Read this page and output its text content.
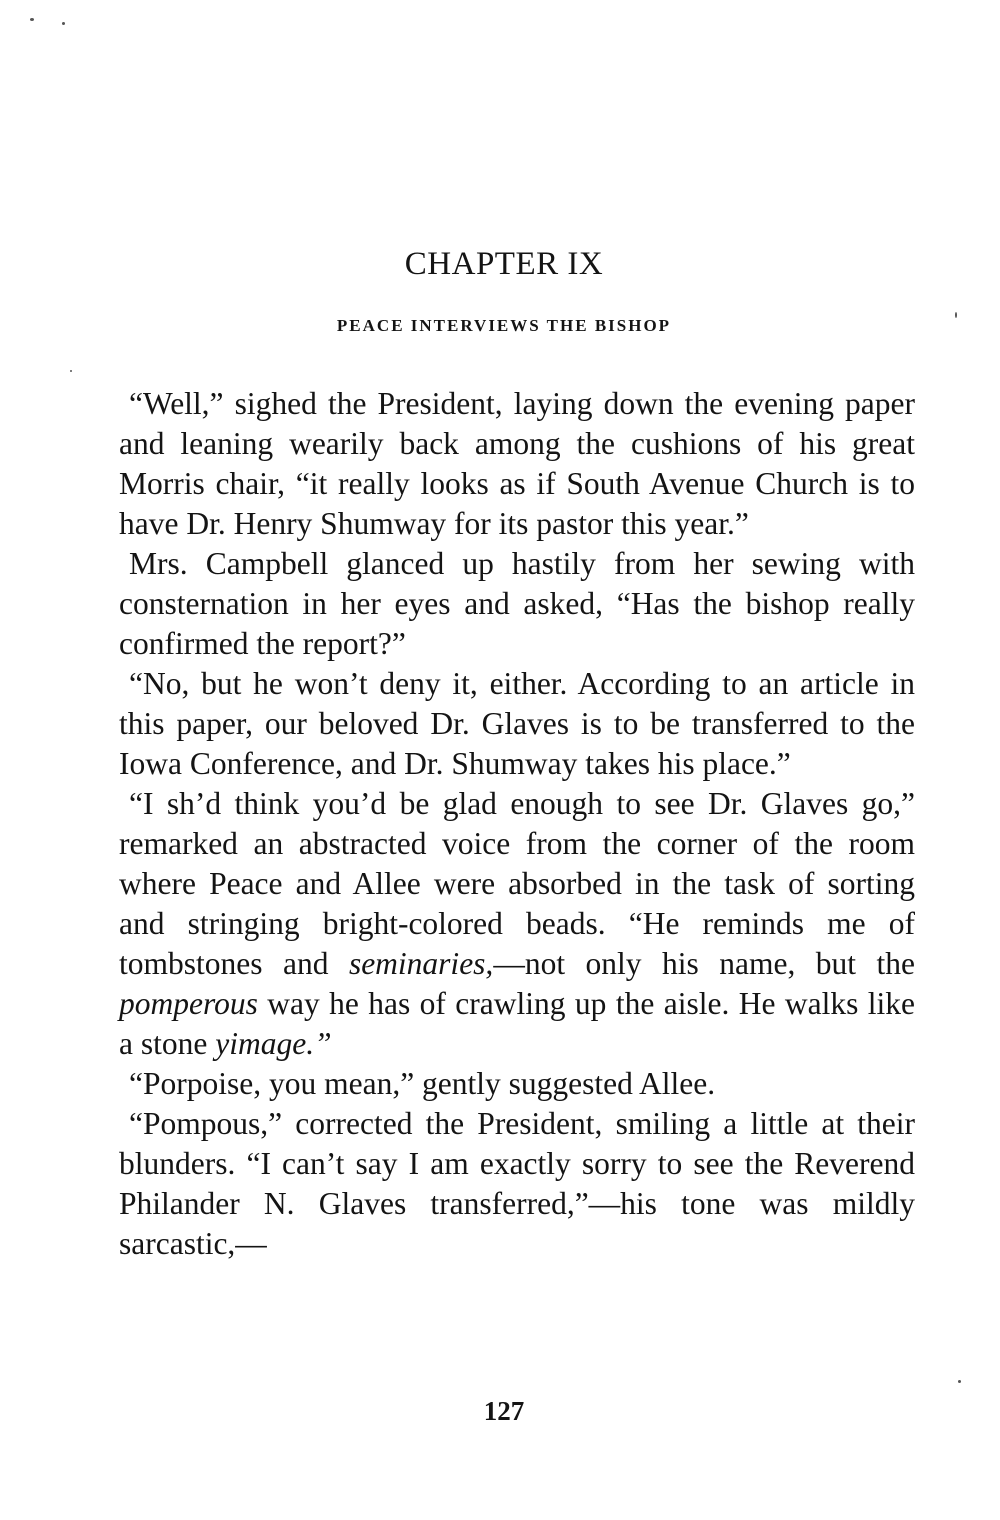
CHAPTER IX
PEACE INTERVIEWS THE BISHOP

“Well,” sighed the President, laying down the evening paper and leaning wearily back among the cushions of his great Morris chair, “it really looks as if South Avenue Church is to have Dr. Henry Shumway for its pastor this year.”

Mrs. Campbell glanced up hastily from her sewing with consternation in her eyes and asked, “Has the bishop really confirmed the report?”

“No, but he won’t deny it, either. According to an article in this paper, our beloved Dr. Glaves is to be transferred to the Iowa Conference, and Dr. Shumway takes his place.”

“I sh’d think you’d be glad enough to see Dr. Glaves go,” remarked an abstracted voice from the corner of the room where Peace and Allee were absorbed in the task of sorting and stringing bright-colored beads. “He reminds me of tombstones and seminaries,—not only his name, but the pomperous way he has of crawling up the aisle. He walks like a stone yimage.”

“Porpoise, you mean,” gently suggested Allee.

“Pompous,” corrected the President, smiling a little at their blunders. “I can’t say I am exactly sorry to see the Reverend Philander N. Glaves transferred,”—his tone was mildly sarcastic,—

127
